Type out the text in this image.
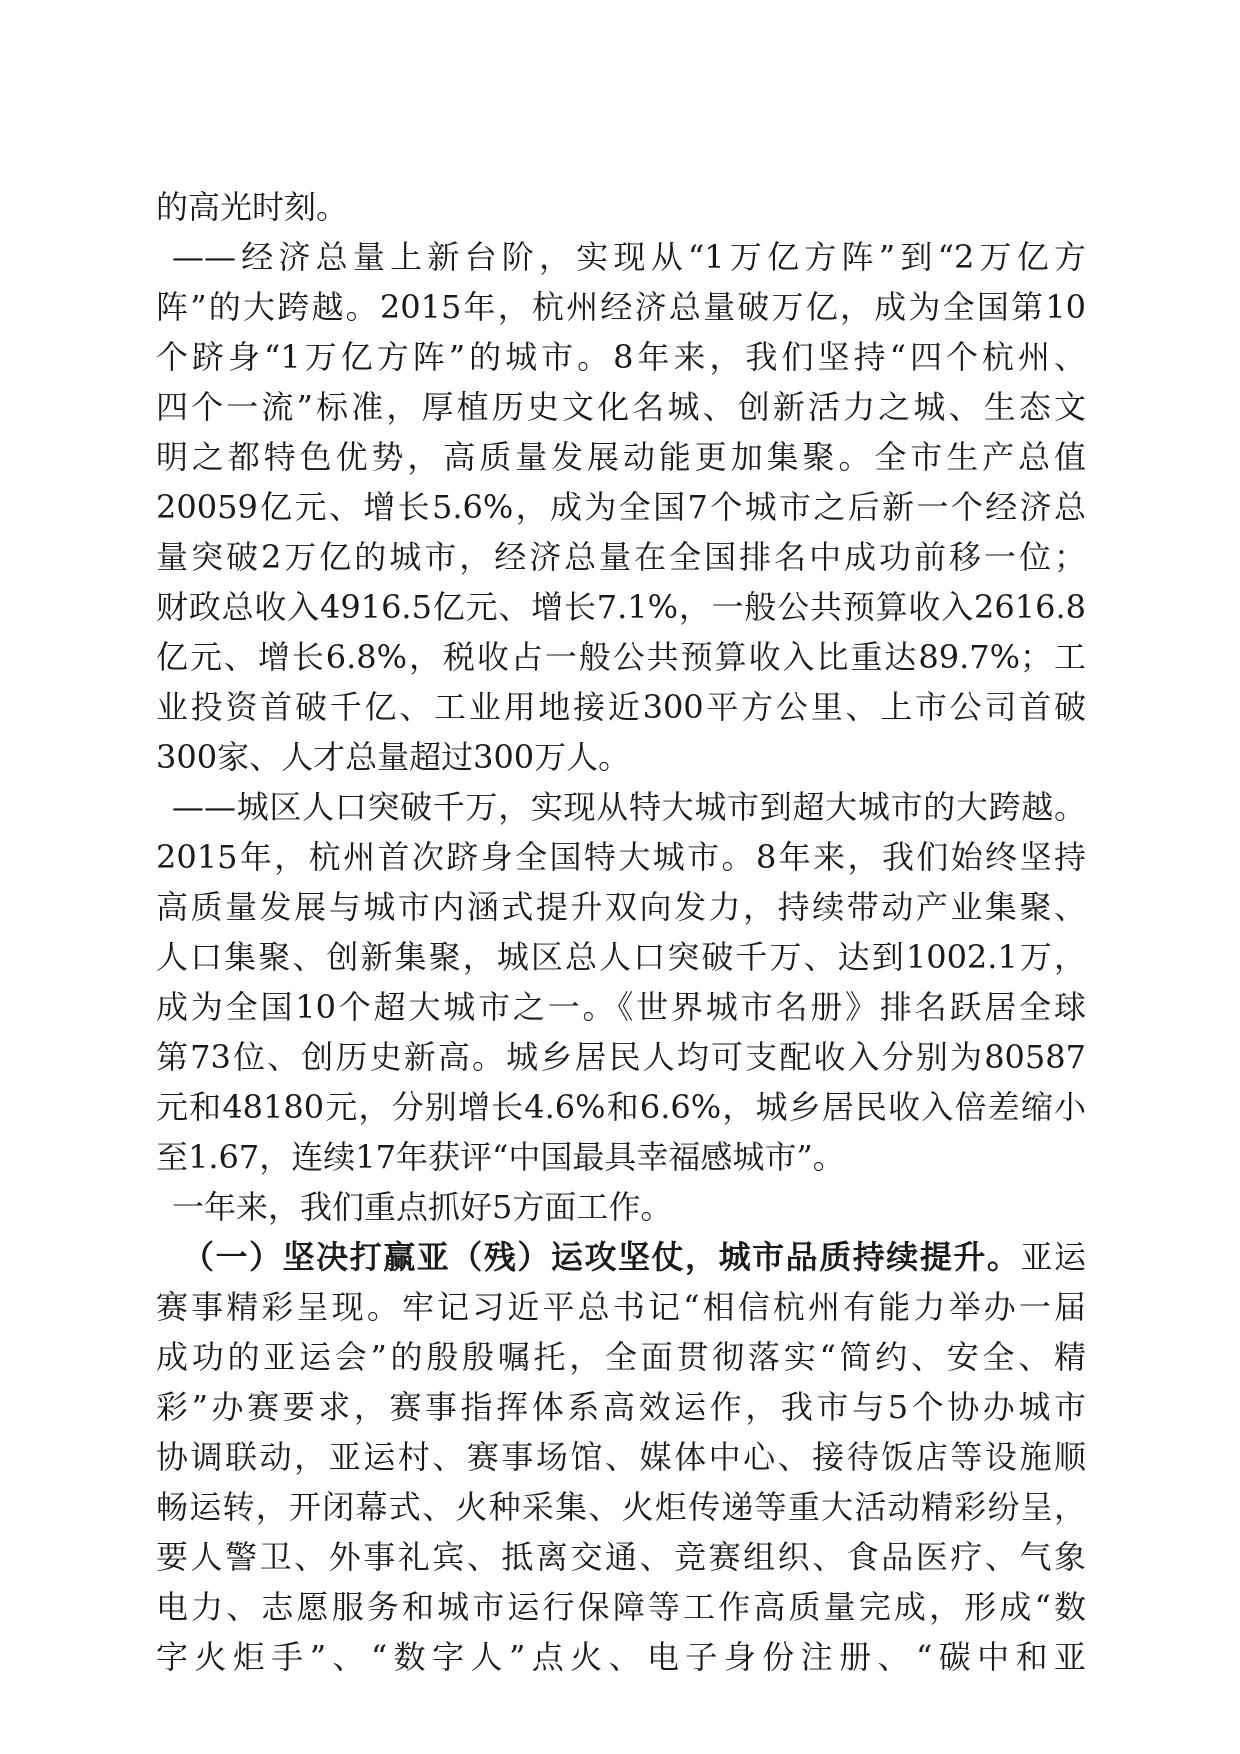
的高光时刻。
——经济总量上新台阶，实现从“1万亿方阵”到“2万亿方
阵”的大跨越。2015年，杭州经济总量破万亿，成为全国第10
个跻身“1万亿方阵”的城市。8年来，我们坚持“四个杭州、
四个一流”标准，厚植历史文化名城、创新活力之城、生态文
明之都特色优势，高质量发展动能更加集聚。全市生产总值
20059亿元、增长5.6%，成为全国7个城市之后新一个经济总
量突破2万亿的城市，经济总量在全国排名中成功前移一位；
财政总收入4916.5亿元、增长7.1%，一般公共预算收入2616.8
亿元、增长6.8%，税收占一般公共预算收入比重达89.7%；工
业投资首破千亿、工业用地接近300平方公里、上市公司首破
300家、人才总量超过300万人。
——城区人口突破千万，实现从特大城市到超大城市的大跨越。
2015年，杭州首次跻身全国特大城市。8年来，我们始终坚持
高质量发展与城市内涵式提升双向发力，持续带动产业集聚、
人口集聚、创新集聚，城区总人口突破千万、达到1002.1万，
成为全国10个超大城市之一。《世界城市名册》排名跃居全球
第73位、创历史新高。城乡居民人均可支配收入分别为80587
元和48180元，分别增长4.6%和6.6%，城乡居民收入倍差缩小
至1.67，连续17年获评“中国最具幸福感城市”。
一年来，我们重点抓好5方面工作。
（一）坚决打赢亚（残）运攻坚仗，城市品质持续提升。亚运
赛事精彩呈现。牢记习近平总书记“相信杭州有能力举办一届
成功的亚运会”的殷殷嘱托，全面贯彻落实“简约、安全、精
彩”办赛要求，赛事指挥体系高效运作，我市与5个协办城市
协调联动，亚运村、赛事场馆、媒体中心、接待饭店等设施顺
畅运转，开闭幕式、火种采集、火炬传递等重大活动精彩纷呈，
要人警卫、外事礼宾、抵离交通、竞赛组织、食品医疗、气象
电力、志愿服务和城市运行保障等工作高质量完成，形成“数
字火炬手”、“数字人”点火、电子身份注册、“碳中和亚
